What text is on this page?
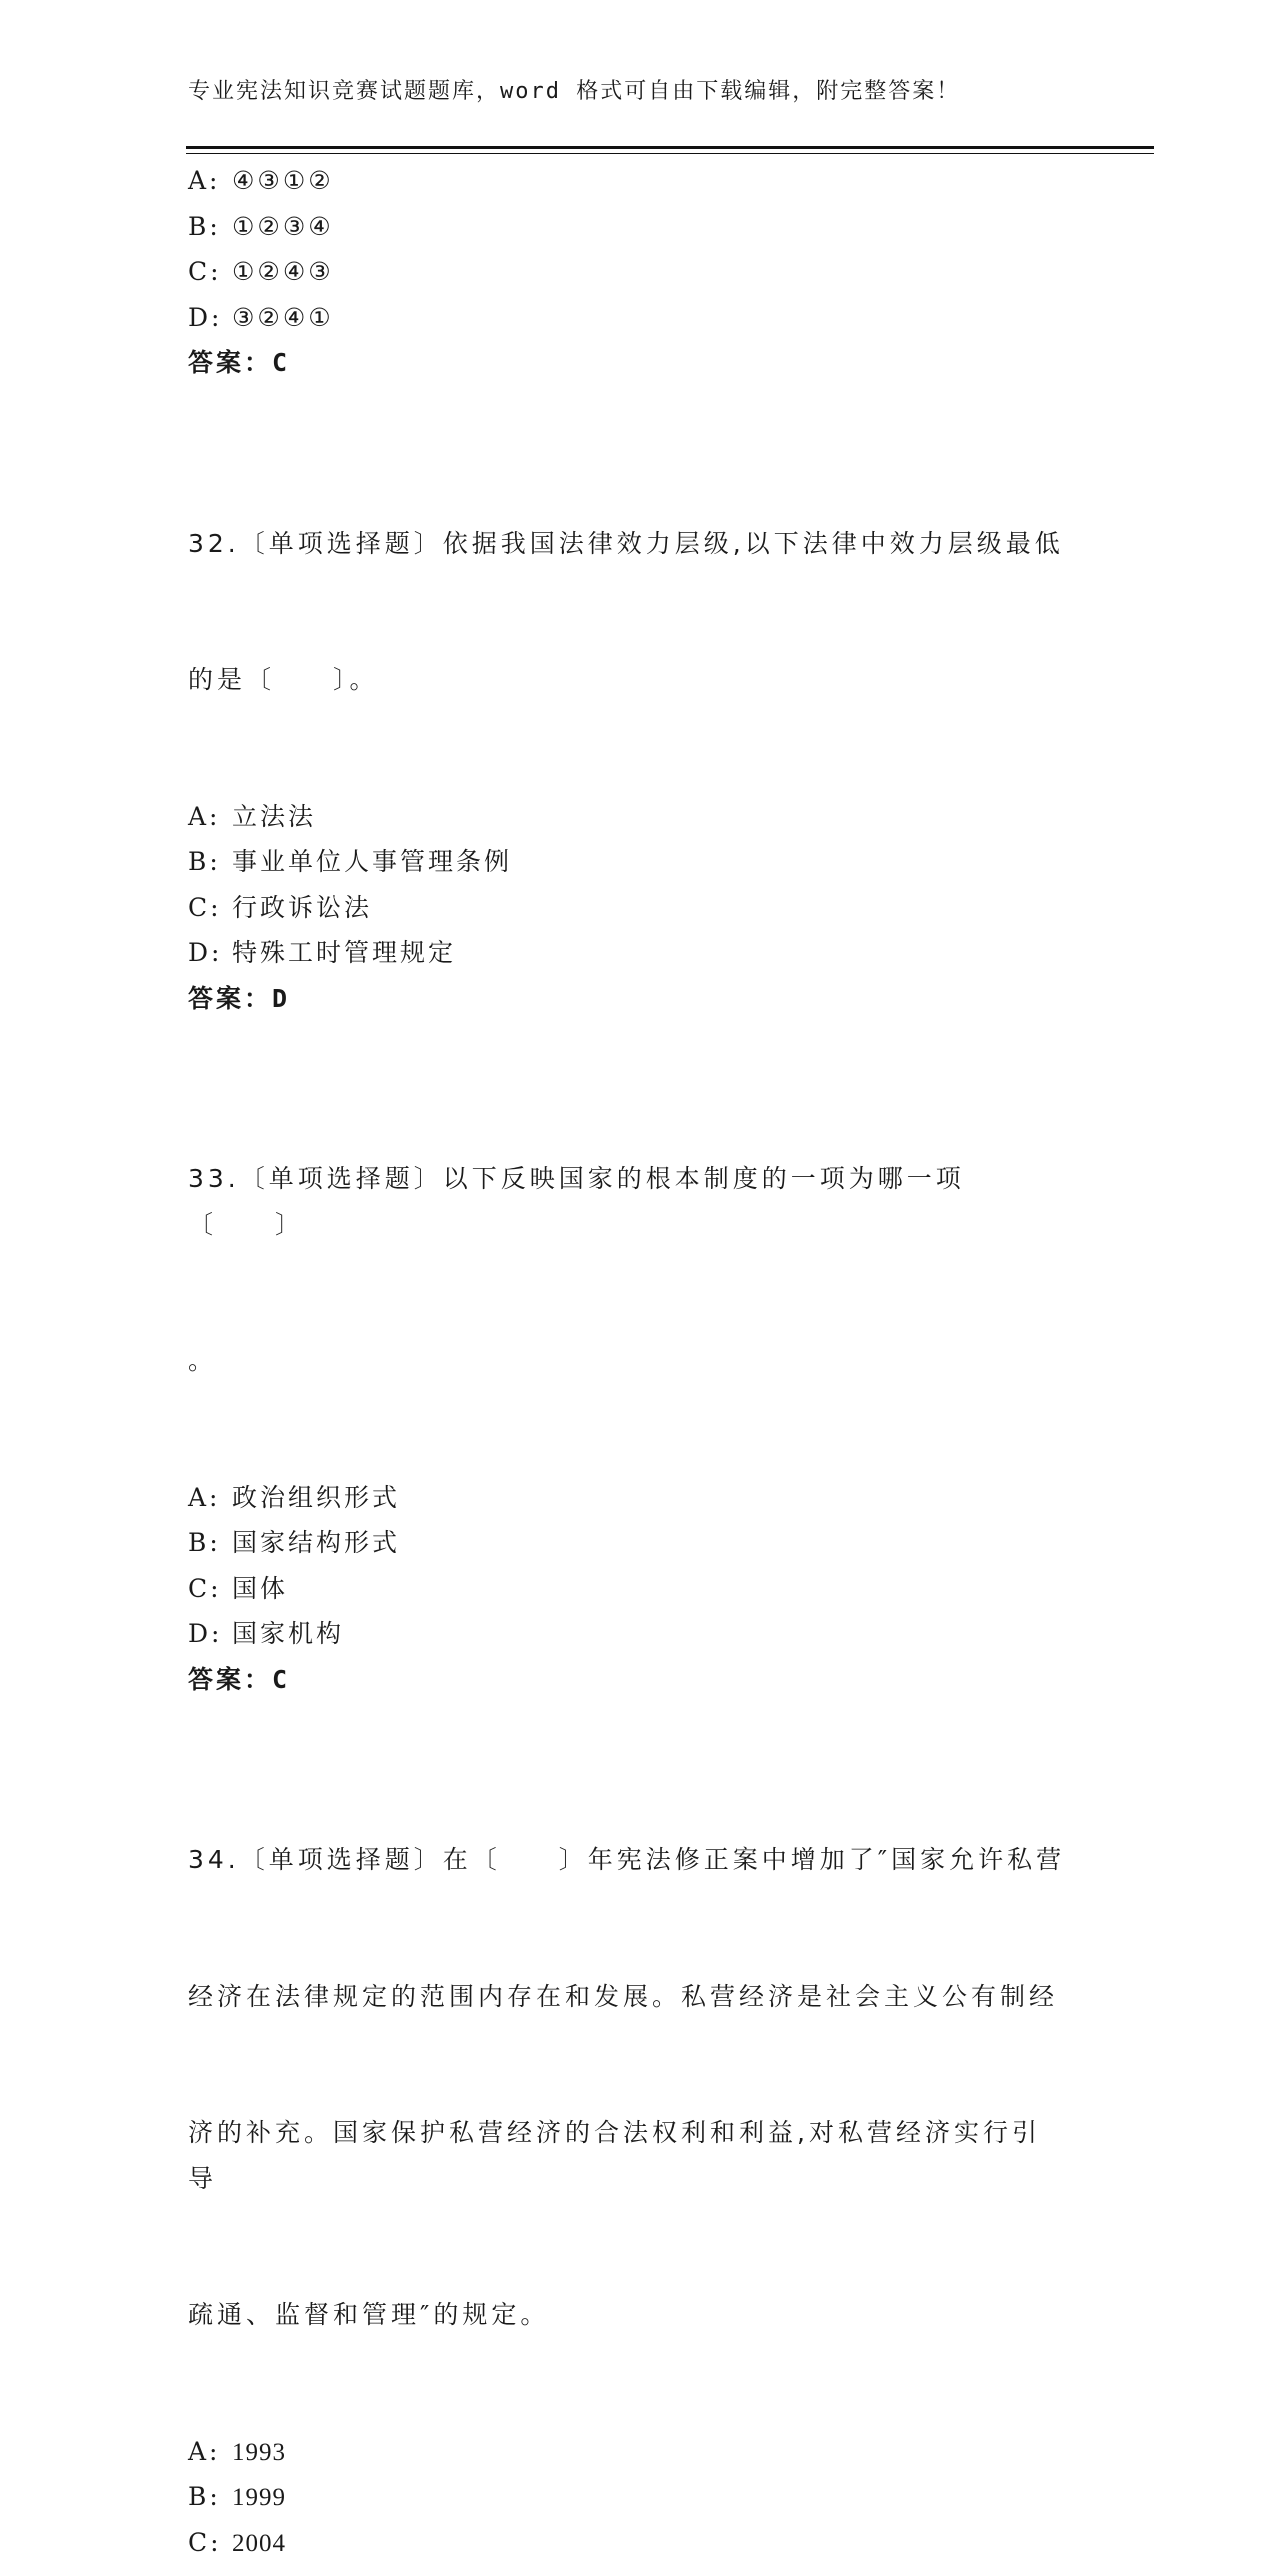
专业宪法知识竞赛试题题库，word 格式可自由下载编辑，附完整答案！
A: ④③①②
B: ①②③④
C: ①②④③
D: ③②④①
答案：C

32.〔单项选择题〕依据我国法律效力层级,以下法律中效力层级最低

的是〔　　〕。

A: 立法法
B: 事业单位人事管理条例
C: 行政诉讼法
D: 特殊工时管理规定
答案：D

33.〔单项选择题〕以下反映国家的根本制度的一项为哪一项〔　　〕

。

A: 政治组织形式
B: 国家结构形式
C: 国体
D: 国家机构
答案：C

34.〔单项选择题〕在〔　　〕年宪法修正案中增加了″国家允许私营

经济在法律规定的范围内存在和发展。私营经济是社会主义公有制经

济的补充。国家保护私营经济的合法权利和利益,对私营经济实行引导

疏通、监督和管理″的规定。

A: 1993
B: 1999
C: 2004
